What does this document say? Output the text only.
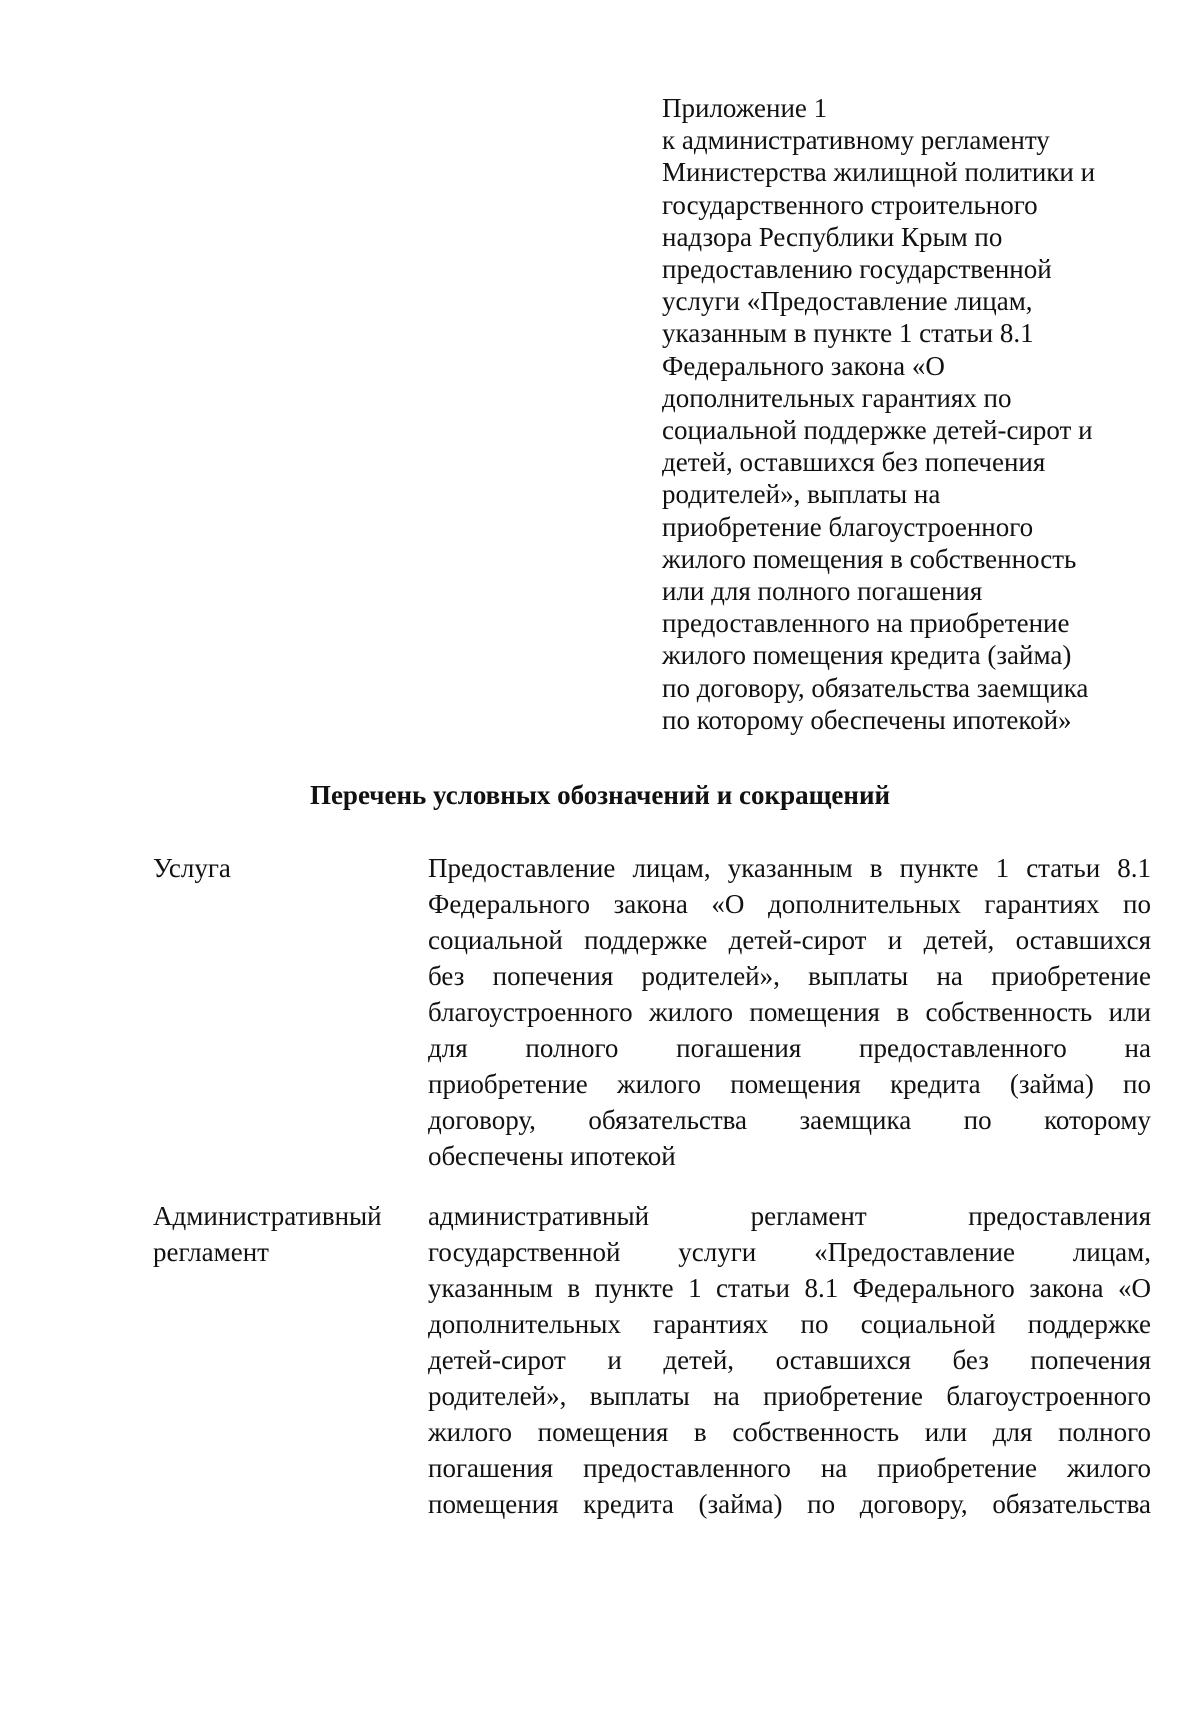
Приложение 1
к административному регламенту
Министерства жилищной политики и
государственного строительного
надзора Республики Крым по
предоставлению государственной
услуги «Предоставление лицам,
указанным в пункте 1 статьи 8.1
Федерального закона «О
дополнительных гарантиях по
социальной поддержке детей-сирот и
детей, оставшихся без попечения
родителей», выплаты на
приобретение благоустроенного
жилого помещения в собственность
или для полного погашения
предоставленного на приобретение
жилого помещения кредита (займа)
по договору, обязательства заемщика
по которому обеспечены ипотекой»
Перечень условных обозначений и сокращений
Услуга	Предоставление лицам, указанным в пункте 1 статьи 8.1
Федерального закона «О дополнительных гарантиях по
социальной поддержке детей-сирот и детей, оставшихся
без попечения родителей», выплаты на приобретение
благоустроенного жилого помещения в собственность или
для полного погашения предоставленного на
приобретение жилого помещения кредита (займа) по
договору, обязательства заемщика по которому
обеспечены ипотекой
Административный
регламент
административный регламент предоставления
государственной услуги «Предоставление лицам,
указанным в пункте 1 статьи 8.1 Федерального закона «О
дополнительных гарантиях по социальной поддержке
детей-сирот и детей, оставшихся без попечения
родителей», выплаты на приобретение благоустроенного
жилого помещения в собственность или для полного
погашения предоставленного на приобретение жилого
помещения кредита (займа) по договору, обязательства
